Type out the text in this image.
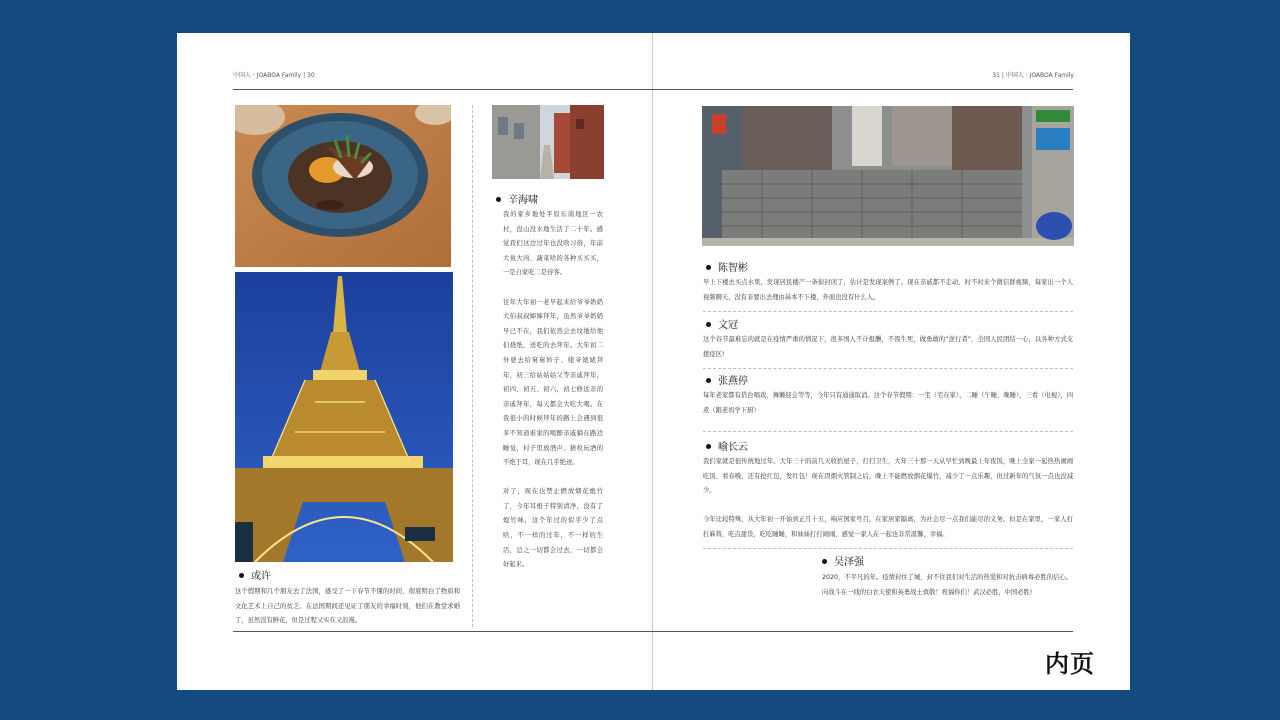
中国人 · JOABOA Family | 30	31 | 中国人 · JOABOA Family
或许
这个假期和几个朋友去了法国，感受了一下春节不懂的时间，彻底明白了物质和文化艺术上自己的贫乏。在法国期间还见证了朋友的幸福时刻，他们在教堂求婚了，虽然没有鲜花，但是过程又实在又浪漫。
辛海啸
我的家乡地处平原东南地区一农村，没山没水地生活了二十年。感觉我们这边过年也没啥习俗，年前大鱼大肉、蔬菜啥的各种买买买，一是自家吃二是待客。

往年大年初一老早起来给爷爷奶奶大伯叔叔婶婶拜年，虽然爷爷奶奶早已不在，我们依然会去坟地给他们烧纸，送吃的去拜年。大年初二外婆去给舅舅妗子、姥爷姥姥拜年，初三给姑姑姑父等亲戚拜年，初四、初五、初六，初七修远亲的亲戚拜年，每天都会大吃大喝。在我很小的时候拜年的路上会遇到很多不知道谁家的喝醉亲戚躺在路边睡觉，村子里放酒声、猜枚玩酒的不绝于耳，现在几乎绝迹。

对了，现在也禁止燃放烟花炮竹了，今年耳根子特别清净，没有了炮竹味，这个年过的似乎少了点啥，不一样的过年，不一样的生活，总之一切都会过去，一切都会好起来。
陈智彬
早上下楼去买点水果，发现居民楼产一条街封闭了，估计是发现案例了。现在亲戚都不走动，时不时来个微信群视频，每家出一个人视频聊天，没有非要出去理由基本不下楼，外面也没有什么人。
文冠
这个春节最难忘的就是在疫情严重的情况下，很多国人不计报酬，不畏生死，做勇敢的“逆行者”，全国人民团结一心，以各种方式支援疫区!
张燕停
每年老家都有搭台唱戏，舞狮迎会等等，今年只有通通取消。这个春节假期：一宅（宅在家），二睡（午睡，晚睡），三看（电视），四煮（跟老妈学下厨）
喻长云
我们家就是很传统地过年。大年三十的前几天收拾屋子，打扫卫生，大年三十那一天从早忙到晚最上年夜饭，晚上全家一起热热闹闹吃饭、看春晚，还有抢红包，发红包！现在因烟火管制之后，晚上不能燃放烟花爆竹，减少了一点乐趣，但过新年的气氛一点也没减少。

今年比较特殊，从大年初一开始到正月十五，响应国家号召，在家居家隔离，为社会尽一点我们能尽的义务。但是在家里，一家人打打麻将，吃点甜货，吃吃睡睡，和妹妹打打闹闹，感觉一家人在一起也非常温馨，幸福。
吴泽强
2020，不平凡的年。疫情封住了城，封不住我们对生活的热爱和对抗击病毒必胜的信心。向战斗在一线的白衣天使和英勇战士致敬！祝福你们！武汉必胜，中国必胜!
内页
